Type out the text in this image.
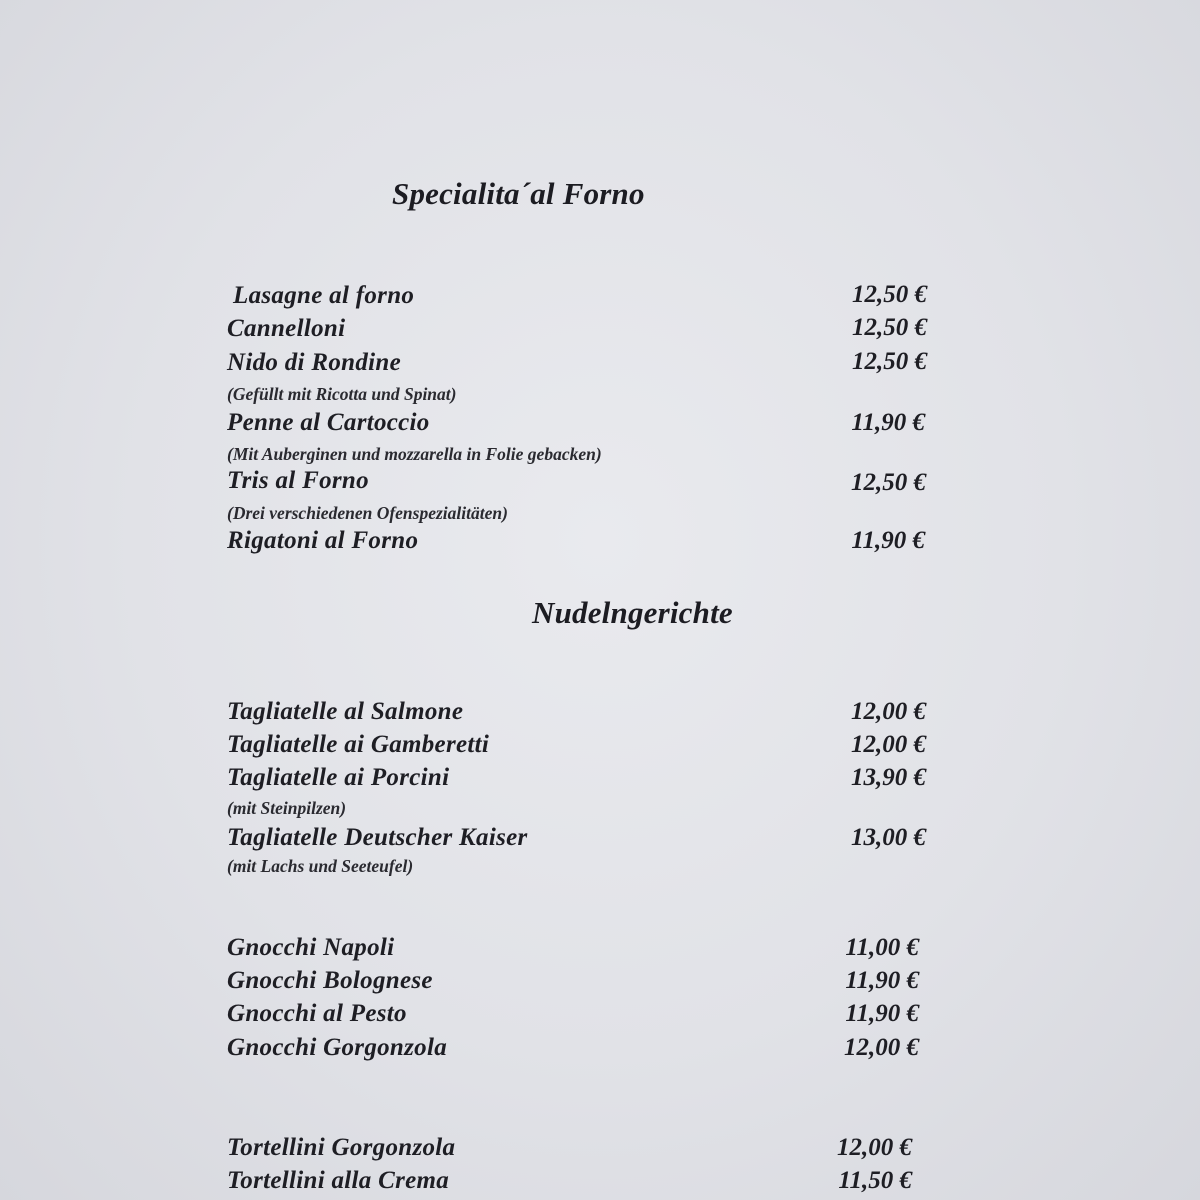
Specialita´al Forno
Lasagne al forno	12,50 €
Cannelloni	12,50 €
Nido di Rondine	12,50 €
(Gefüllt mit Ricotta und Spinat)
Penne al Cartoccio	11,90 €
(Mit Auberginen und mozzarella in Folie gebacken)
Tris al Forno	12,50 €
(Drei verschiedenen Ofenspezialitäten)
Rigatoni al Forno	11,90 €
Nudelngerichte
Tagliatelle al Salmone	12,00 €
Tagliatelle ai Gamberetti	12,00 €
Tagliatelle ai Porcini	13,90 €
(mit Steinpilzen)
Tagliatelle Deutscher Kaiser	13,00 €
(mit Lachs und Seeteufel)
Gnocchi Napoli	11,00 €
Gnocchi Bolognese	11,90 €
Gnocchi al Pesto	11,90 €
Gnocchi Gorgonzola	12,00 €
Tortellini Gorgonzola	12,00 €
Tortellini alla Crema	11,50 €
